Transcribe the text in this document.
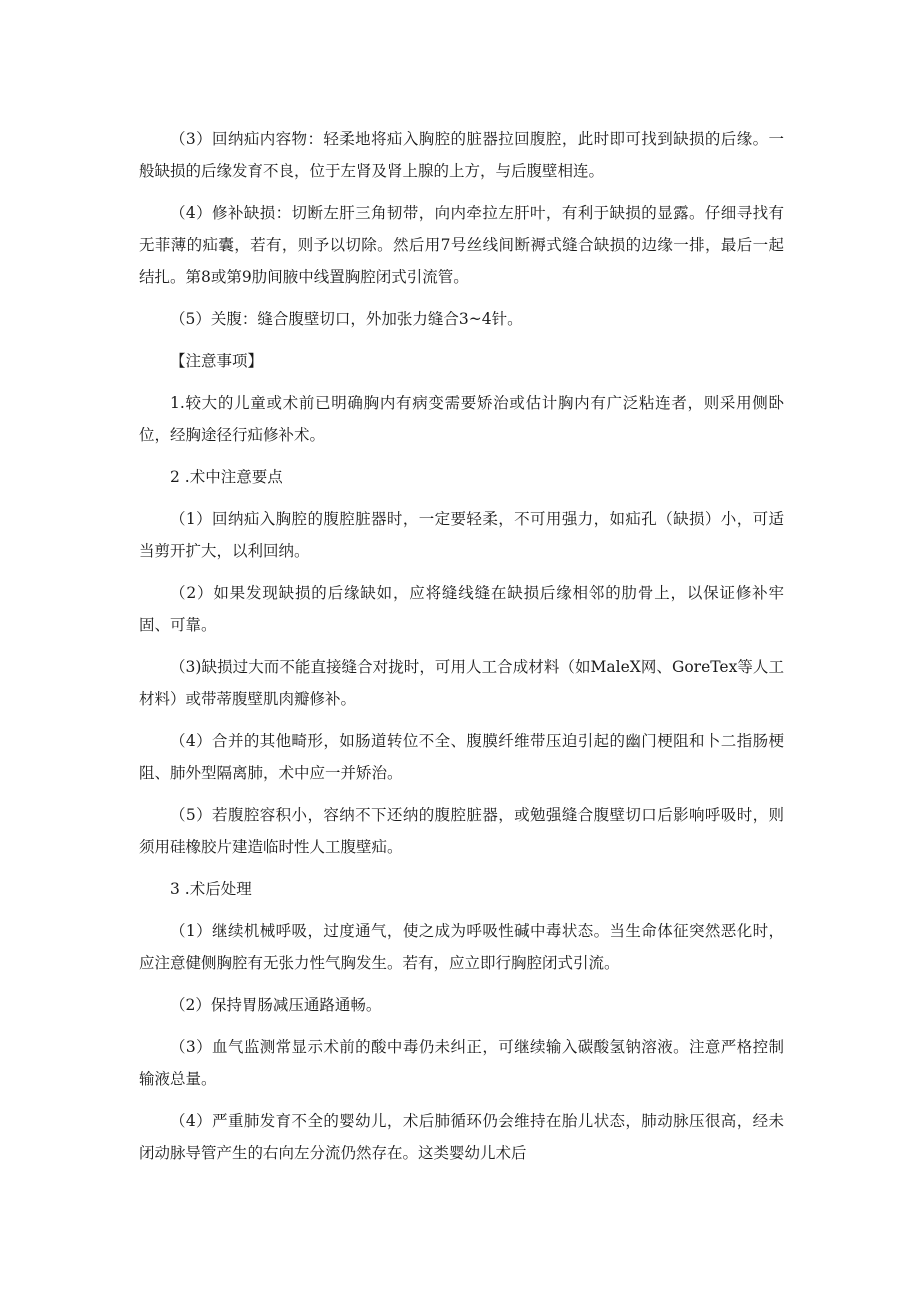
（3）回纳疝内容物：轻柔地将疝入胸腔的脏器拉回腹腔，此时即可找到缺损的后缘。一般缺损的后缘发育不良，位于左肾及肾上腺的上方，与后腹壁相连。

（4）修补缺损：切断左肝三角韧带，向内牵拉左肝叶，有利于缺损的显露。仔细寻找有无菲薄的疝囊，若有，则予以切除。然后用7号丝线间断褥式缝合缺损的边缘一排，最后一起结扎。第8或第9肋间腋中线置胸腔闭式引流管。

（5）关腹：缝合腹壁切口，外加张力缝合3~4针。

【注意事项】

1.较大的儿童或术前已明确胸内有病变需要矫治或估计胸内有广泛粘连者，则采用侧卧位，经胸途径行疝修补术。

2 .术中注意要点

（1）回纳疝入胸腔的腹腔脏器时，一定要轻柔，不可用强力，如疝孔（缺损）小，可适当剪开扩大，以利回纳。

（2）如果发现缺损的后缘缺如，应将缝线缝在缺损后缘相邻的肋骨上，以保证修补牢固、可靠。

（3)缺损过大而不能直接缝合对拢时，可用人工合成材料（如MaleX网、GoreTex等人工材料）或带蒂腹壁肌肉瓣修补。

（4）合并的其他畸形，如肠道转位不全、腹膜纤维带压迫引起的幽门梗阻和卜二指肠梗阻、肺外型隔离肺，术中应一并矫治。

（5）若腹腔容积小，容纳不下还纳的腹腔脏器，或勉强缝合腹壁切口后影响呼吸时，则须用硅橡胶片建造临时性人工腹壁疝。

3 .术后处理

（1）继续机械呼吸，过度通气，使之成为呼吸性碱中毒状态。当生命体征突然恶化时，应注意健侧胸腔有无张力性气胸发生。若有，应立即行胸腔闭式引流。

（2）保持胃肠减压通路通畅。

（3）血气监测常显示术前的酸中毒仍未纠正，可继续输入碳酸氢钠溶液。注意严格控制输液总量。

（4）严重肺发育不全的婴幼儿，术后肺循环仍会维持在胎儿状态，肺动脉压很高，经未闭动脉导管产生的右向左分流仍然存在。这类婴幼儿术后
